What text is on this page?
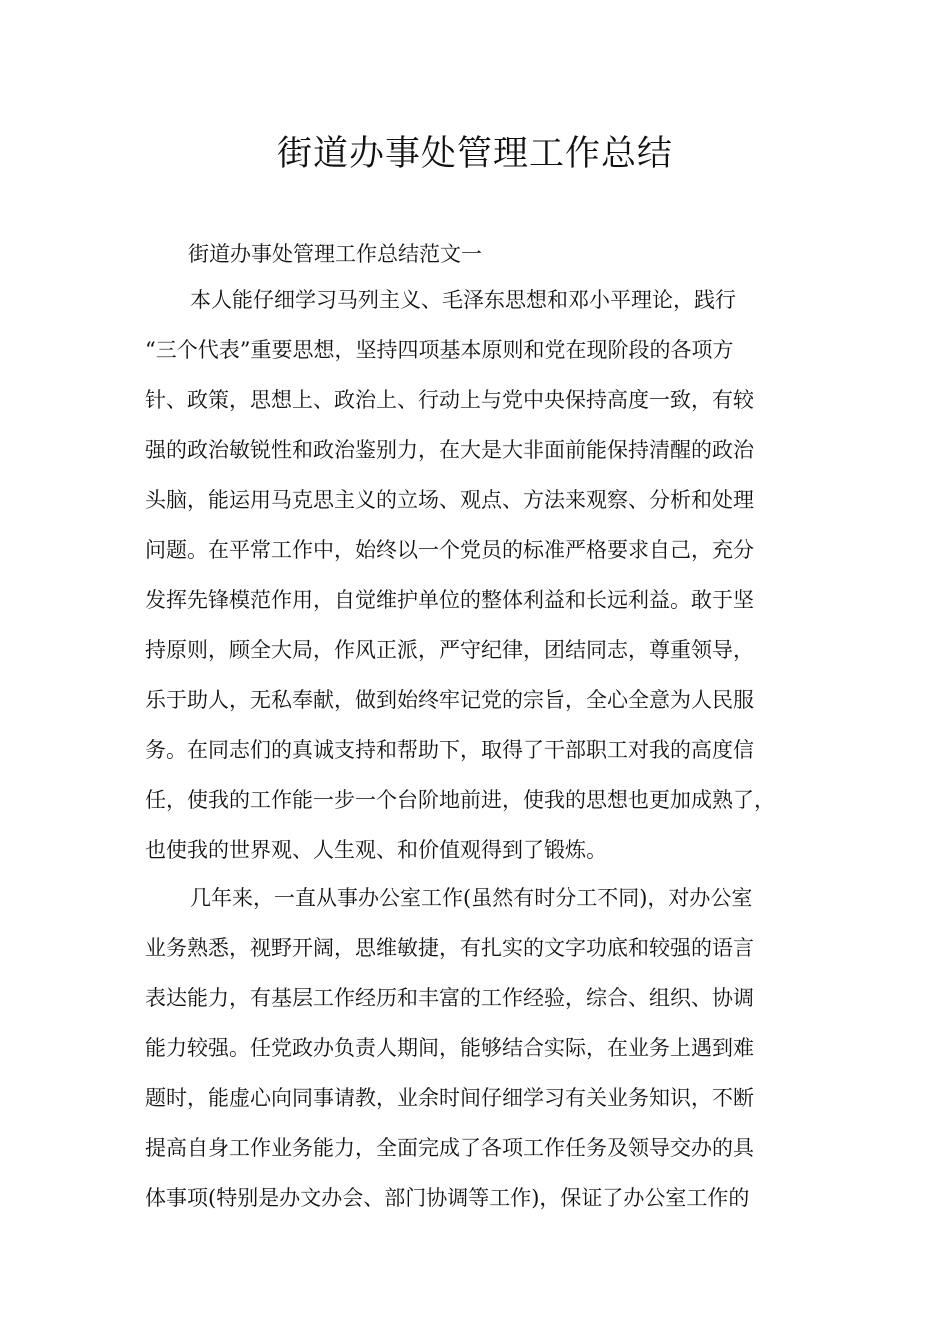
街道办事处管理工作总结

街道办事处管理工作总结范文一

本人能仔细学习马列主义、毛泽东思想和邓小平理论，践行
“三个代表”重要思想，坚持四项基本原则和党在现阶段的各项方
针、政策，思想上、政治上、行动上与党中央保持高度一致，有较
强的政治敏锐性和政治鉴别力，在大是大非面前能保持清醒的政治
头脑，能运用马克思主义的立场、观点、方法来观察、分析和处理
问题。在平常工作中，始终以一个党员的标准严格要求自己，充分
发挥先锋模范作用，自觉维护单位的整体利益和长远利益。敢于坚
持原则，顾全大局，作风正派，严守纪律，团结同志，尊重领导，
乐于助人，无私奉献，做到始终牢记党的宗旨，全心全意为人民服
务。在同志们的真诚支持和帮助下，取得了干部职工对我的高度信
任，使我的工作能一步一个台阶地前进，使我的思想也更加成熟了，
也使我的世界观、人生观、和价值观得到了锻炼。
几年来，一直从事办公室工作(虽然有时分工不同)，对办公室
业务熟悉，视野开阔，思维敏捷，有扎实的文字功底和较强的语言
表达能力，有基层工作经历和丰富的工作经验，综合、组织、协调
能力较强。任党政办负责人期间，能够结合实际，在业务上遇到难
题时，能虚心向同事请教，业余时间仔细学习有关业务知识，不断
提高自身工作业务能力，全面完成了各项工作任务及领导交办的具
体事项(特别是办文办会、部门协调等工作)，保证了办公室工作的
